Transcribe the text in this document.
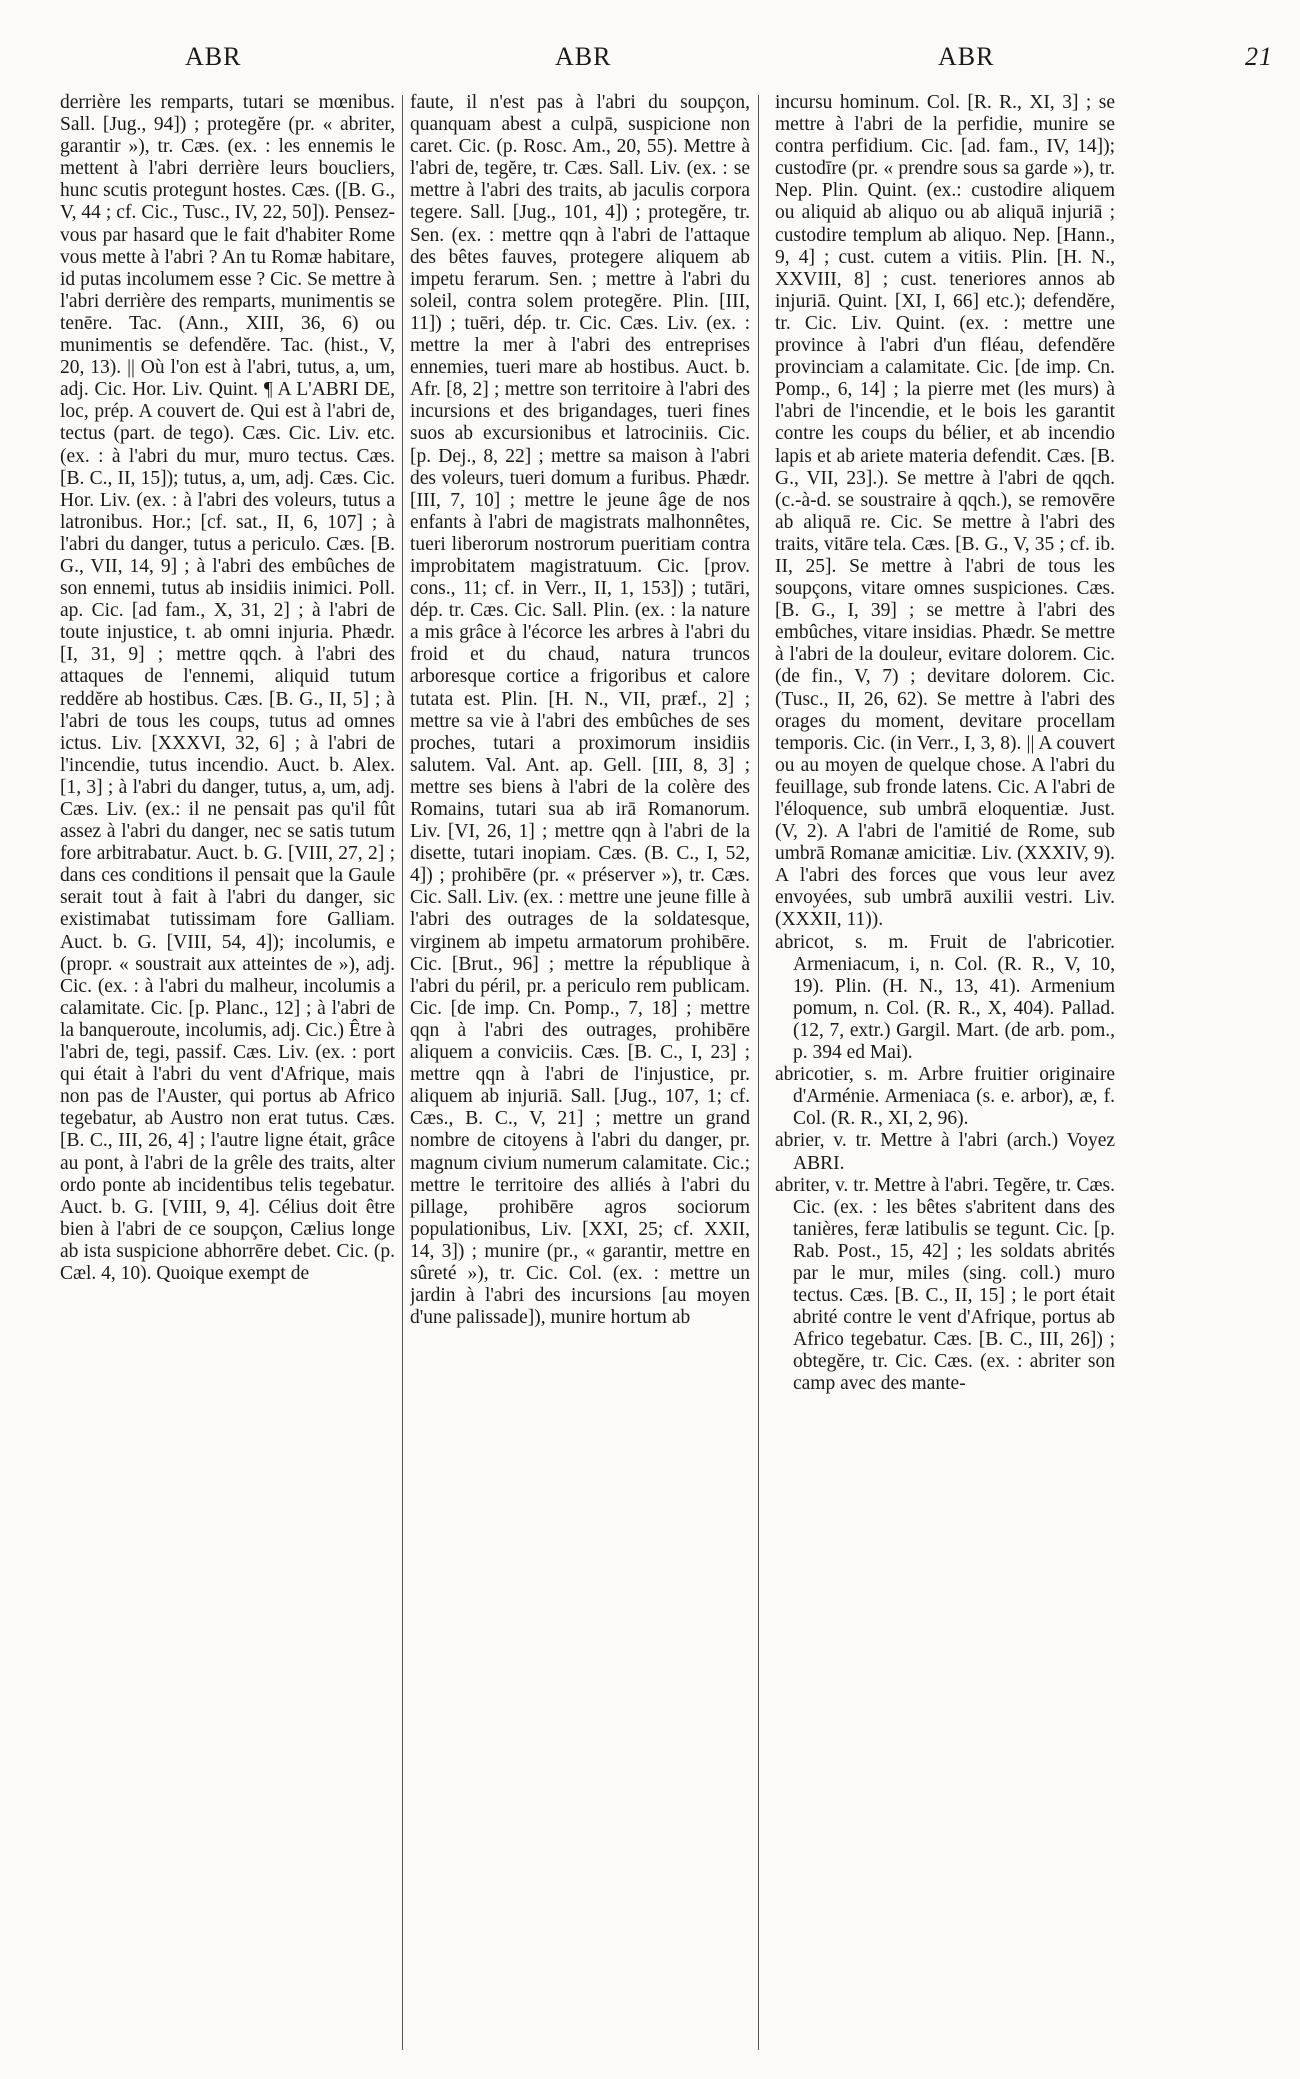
ABR	ABR	ABR	21

derrière les remparts, tutari se mœnibus. Sall. [Jug., 94]) ; protegĕre (pr. « abriter, garantir »), tr. Cæs. (ex. : les ennemis le mettent à l'abri derrière leurs boucliers, hunc scutis protegunt hostes. Cæs. ([B. G., V, 44 ; cf. Cic., Tusc., IV, 22, 50]). Pensez-vous par hasard que le fait d'habiter Rome vous mette à l'abri ? An tu Romæ habitare, id putas incolumem esse ? Cic. Se mettre à l'abri derrière des remparts, munimentis se tenēre. Tac. (Ann., XIII, 36, 6) ou munimentis se defendĕre. Tac. (hist., V, 20, 13). || Où l'on est à l'abri, tutus, a, um, adj. Cic. Hor. Liv. Quint. ¶ A L'ABRI DE, loc, prép. A couvert de. Qui est à l'abri de, tectus (part. de tego). Cæs. Cic. Liv. etc. (ex. : à l'abri du mur, muro tectus. Cæs. [B. C., II, 15]); tutus, a, um, adj. Cæs. Cic. Hor. Liv. (ex. : à l'abri des voleurs, tutus a latronibus. Hor.; [cf. sat., II, 6, 107] ; à l'abri du danger, tutus a periculo. Cæs. [B. G., VII, 14, 9] ; à l'abri des embûches de son ennemi, tutus ab insidiis inimici. Poll. ap. Cic. [ad fam., X, 31, 2] ; à l'abri de toute injustice, t. ab omni injuria. Phædr. [I, 31, 9] ; mettre qqch. à l'abri des attaques de l'ennemi, aliquid tutum reddĕre ab hostibus. Cæs. [B. G., II, 5] ; à l'abri de tous les coups, tutus ad omnes ictus. Liv. [XXXVI, 32, 6] ; à l'abri de l'incendie, tutus incendio. Auct. b. Alex. [1, 3] ; à l'abri du danger, tutus, a, um, adj. Cæs. Liv. (ex.: il ne pensait pas qu'il fût assez à l'abri du danger, nec se satis tutum fore arbitrabatur. Auct. b. G. [VIII, 27, 2] ; dans ces conditions il pensait que la Gaule serait tout à fait à l'abri du danger, sic existimabat tutissimam fore Galliam. Auct. b. G. [VIII, 54, 4]); incolumis, e (propr. « soustrait aux atteintes de »), adj. Cic. (ex. : à l'abri du malheur, incolumis a calamitate. Cic. [p. Planc., 12] ; à l'abri de la banqueroute, incolumis, adj. Cic.) Être à l'abri de, tegi, passif. Cæs. Liv. (ex. : port qui était à l'abri du vent d'Afrique, mais non pas de l'Auster, qui portus ab Africo tegebatur, ab Austro non erat tutus. Cæs. [B. C., III, 26, 4] ; l'autre ligne était, grâce au pont, à l'abri de la grêle des traits, alter ordo ponte ab incidentibus telis tegebatur. Auct. b. G. [VIII, 9, 4]. Célius doit être bien à l'abri de ce soupçon, Cælius longe ab ista suspicione abhorrēre debet. Cic. (p. Cæl. 4, 10). Quoique exempt de

faute, il n'est pas à l'abri du soupçon, quanquam abest a culpā, suspicione non caret. Cic. (p. Rosc. Am., 20, 55). Mettre à l'abri de, tegĕre, tr. Cæs. Sall. Liv. (ex. : se mettre à l'abri des traits, ab jaculis corpora tegere. Sall. [Jug., 101, 4]) ; protegĕre, tr. Sen. (ex. : mettre qqn à l'abri de l'attaque des bêtes fauves, protegere aliquem ab impetu ferarum. Sen. ; mettre à l'abri du soleil, contra solem protegĕre. Plin. [III, 11]) ; tuēri, dép. tr. Cic. Cæs. Liv. (ex. : mettre la mer à l'abri des entreprises ennemies, tueri mare ab hostibus. Auct. b. Afr. [8, 2] ; mettre son territoire à l'abri des incursions et des brigandages, tueri fines suos ab excursionibus et latrociniis. Cic. [p. Dej., 8, 22] ; mettre sa maison à l'abri des voleurs, tueri domum a furibus. Phædr. [III, 7, 10] ; mettre le jeune âge de nos enfants à l'abri de magistrats malhonnêtes, tueri liberorum nostrorum pueritiam contra improbitatem magistratuum. Cic. [prov. cons., 11; cf. in Verr., II, 1, 153]) ; tutāri, dép. tr. Cæs. Cic. Sall. Plin. (ex. : la nature a mis grâce à l'écorce les arbres à l'abri du froid et du chaud, natura truncos arboresque cortice a frigoribus et calore tutata est. Plin. [H. N., VII, præf., 2] ; mettre sa vie à l'abri des embûches de ses proches, tutari a proximorum insidiis salutem. Val. Ant. ap. Gell. [III, 8, 3] ; mettre ses biens à l'abri de la colère des Romains, tutari sua ab irā Romanorum. Liv. [VI, 26, 1] ; mettre qqn à l'abri de la disette, tutari inopiam. Cæs. (B. C., I, 52, 4]) ; prohibēre (pr. « préserver »), tr. Cæs. Cic. Sall. Liv. (ex. : mettre une jeune fille à l'abri des outrages de la soldatesque, virginem ab impetu armatorum prohibēre. Cic. [Brut., 96] ; mettre la république à l'abri du péril, pr. a periculo rem publicam. Cic. [de imp. Cn. Pomp., 7, 18] ; mettre qqn à l'abri des outrages, prohibēre aliquem a conviciis. Cæs. [B. C., I, 23] ; mettre qqn à l'abri de l'injustice, pr. aliquem ab injuriā. Sall. [Jug., 107, 1; cf. Cæs., B. C., V, 21] ; mettre un grand nombre de citoyens à l'abri du danger, pr. magnum civium numerum calamitate. Cic.; mettre le territoire des alliés à l'abri du pillage, prohibēre agros sociorum populationibus, Liv. [XXI, 25; cf. XXII, 14, 3]) ; munire (pr., « garantir, mettre en sûreté »), tr. Cic. Col. (ex. : mettre un jardin à l'abri des incursions [au moyen d'une palissade]), munire hortum ab

incursu hominum. Col. [R. R., XI, 3] ; se mettre à l'abri de la perfidie, munire se contra perfidium. Cic. [ad. fam., IV, 14]); custodīre (pr. « prendre sous sa garde »), tr. Nep. Plin. Quint. (ex.: custodire aliquem ou aliquid ab aliquo ou ab aliquā injuriā ; custodire templum ab aliquo. Nep. [Hann., 9, 4] ; cust. cutem a vitiis. Plin. [H. N., XXVIII, 8] ; cust. teneriores annos ab injuriā. Quint. [XI, I, 66] etc.); defendĕre, tr. Cic. Liv. Quint. (ex. : mettre une province à l'abri d'un fléau, defendĕre provinciam a calamitate. Cic. [de imp. Cn. Pomp., 6, 14] ; la pierre met (les murs) à l'abri de l'incendie, et le bois les garantit contre les coups du bélier, et ab incendio lapis et ab ariete materia defendit. Cæs. [B. G., VII, 23].). Se mettre à l'abri de qqch. (c.-à-d. se soustraire à qqch.), se removēre ab aliquā re. Cic. Se mettre à l'abri des traits, vitāre tela. Cæs. [B. G., V, 35 ; cf. ib. II, 25]. Se mettre à l'abri de tous les soupçons, vitare omnes suspiciones. Cæs. [B. G., I, 39] ; se mettre à l'abri des embûches, vitare insidias. Phædr. Se mettre à l'abri de la douleur, evitare dolorem. Cic. (de fin., V, 7) ; devitare dolorem. Cic. (Tusc., II, 26, 62). Se mettre à l'abri des orages du moment, devitare procellam temporis. Cic. (in Verr., I, 3, 8). || A couvert ou au moyen de quelque chose. A l'abri du feuillage, sub fronde latens. Cic. A l'abri de l'éloquence, sub umbrā eloquentiæ. Just. (V, 2). A l'abri de l'amitié de Rome, sub umbrā Romanæ amicitiæ. Liv. (XXXIV, 9). A l'abri des forces que vous leur avez envoyées, sub umbrā auxilii vestri. Liv. (XXXII, 11)).

abricot, s. m. Fruit de l'abricotier. Armeniacum, i, n. Col. (R. R., V, 10, 19). Plin. (H. N., 13, 41). Armenium pomum, n. Col. (R. R., X, 404). Pallad. (12, 7, extr.) Gargil. Mart. (de arb. pom., p. 394 ed Mai).

abricotier, s. m. Arbre fruitier originaire d'Arménie. Armeniaca (s. e. arbor), æ, f. Col. (R. R., XI, 2, 96).

abrier, v. tr. Mettre à l'abri (arch.) Voyez ABRI.

abriter, v. tr. Mettre à l'abri. Tegĕre, tr. Cæs. Cic. (ex. : les bêtes s'abritent dans des tanières, feræ latibulis se tegunt. Cic. [p. Rab. Post., 15, 42] ; les soldats abrités par le mur, miles (sing. coll.) muro tectus. Cæs. [B. C., II, 15] ; le port était abrité contre le vent d'Afrique, portus ab Africo tegebatur. Cæs. [B. C., III, 26]) ; obtegĕre, tr. Cic. Cæs. (ex. : abriter son camp avec des mante-
